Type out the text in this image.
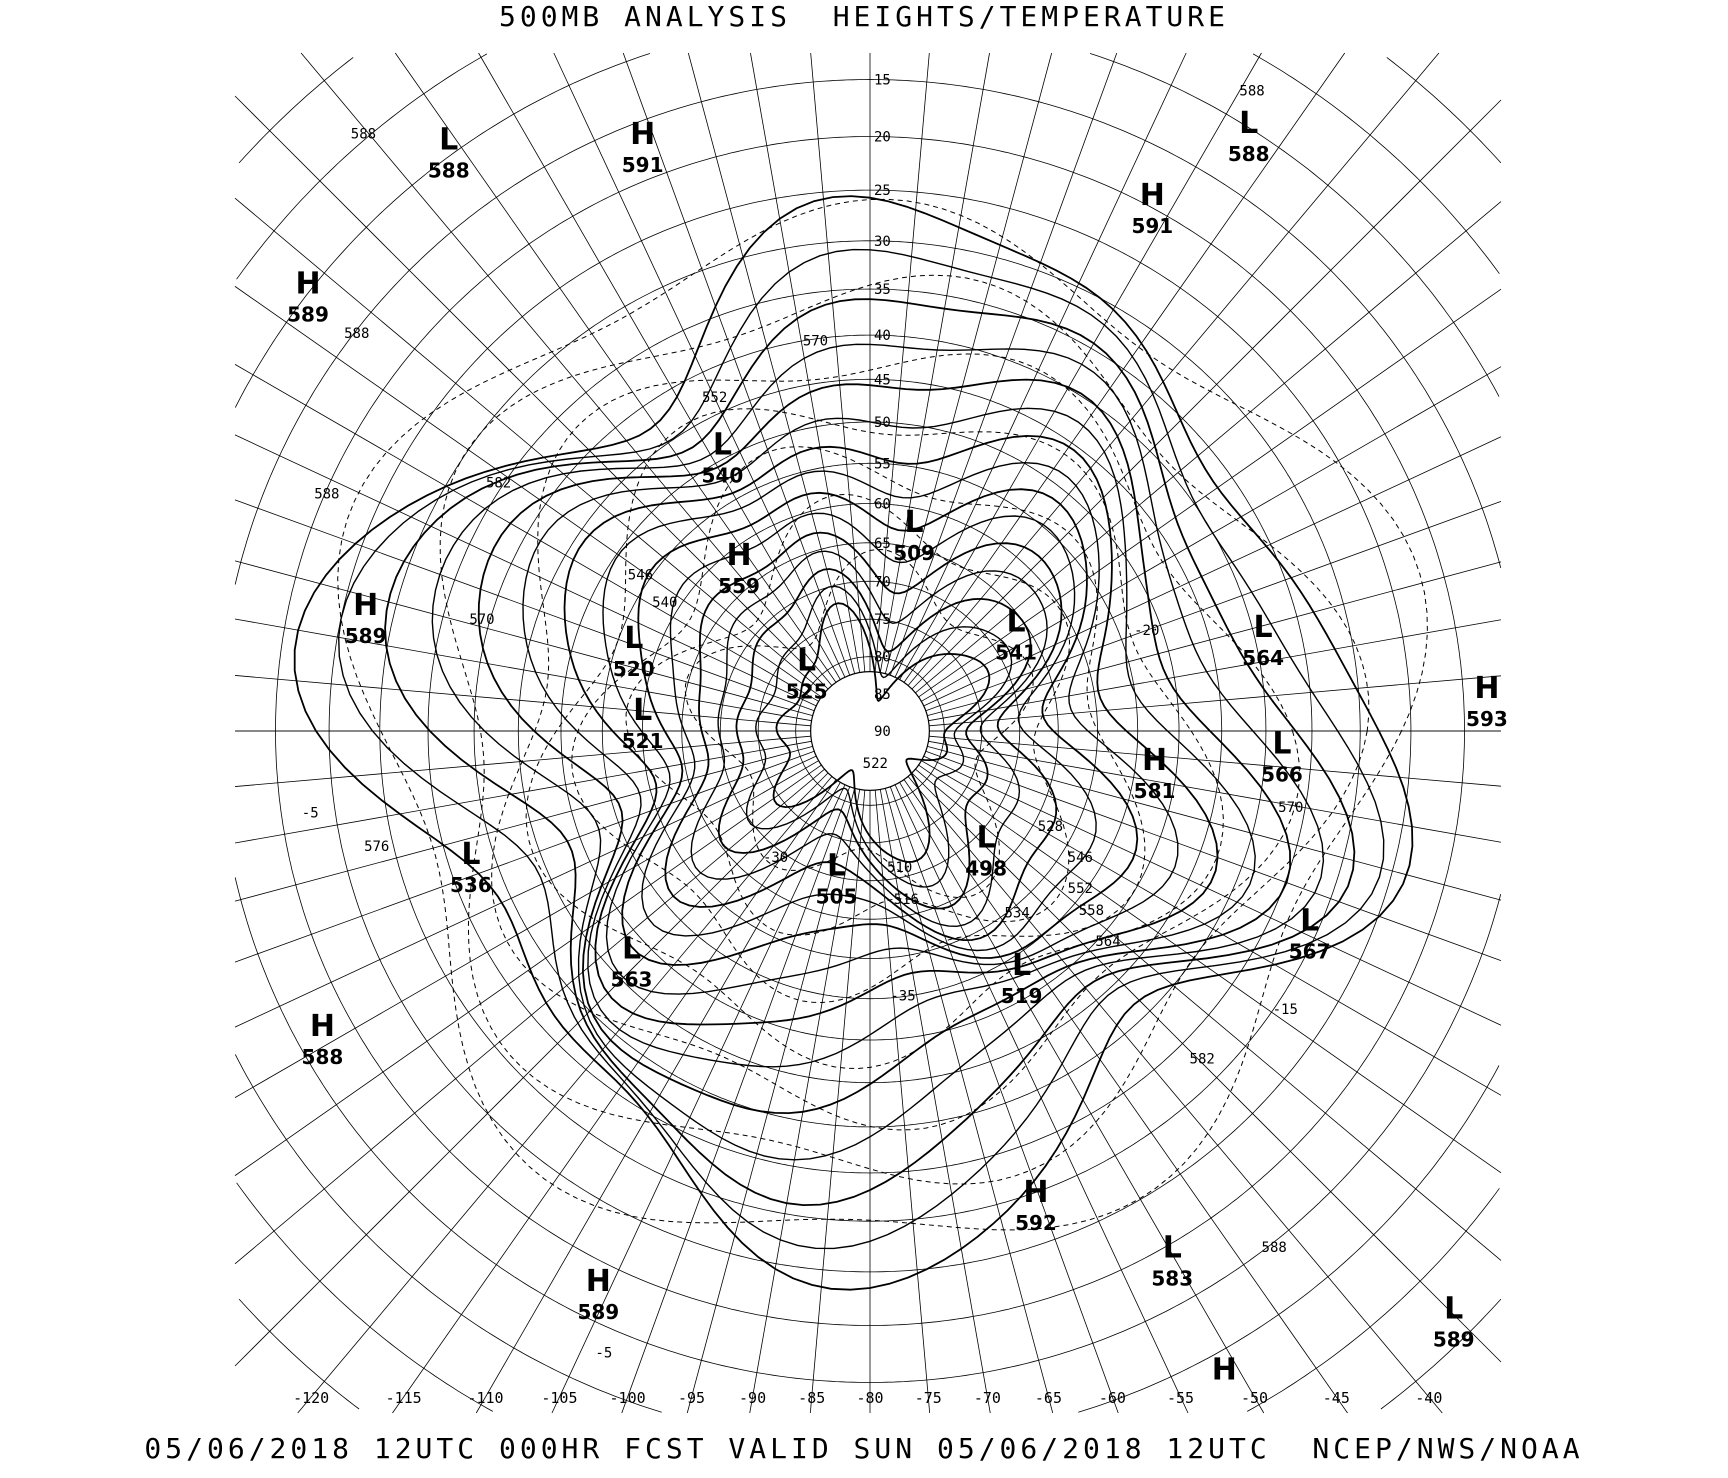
500MB ANALYSIS  HEIGHTS/TEMPERATURE
15
20
25
30
35
40
45
50
55
60
65
70
75
80
85
90
-120	-115	-110	-105 -100 -95 -90 -85 -80 -75 -70 -65 -60	-55	-50	-45	-40
L
588
H
591
L
588
H
591
H
589
H
589
L
540
H
559
L
509
L
541
L
564
H
593
L
520	L
525
L
521
H
581
L
566
L
498
L
536
L
505
L
567
L
563	L
519
H
588
H
592
L
583
H
589	L
589
H
588
588
588
588
582
570
570
546
552
540
534
528
522
516
510
576
582
588
570
564
558
552
546
-5
-5
-20
-15
-35
-30
05/06/2018 12UTC 000HR FCST VALID SUN 05/06/2018 12UTC  NCEP/NWS/NOAA
